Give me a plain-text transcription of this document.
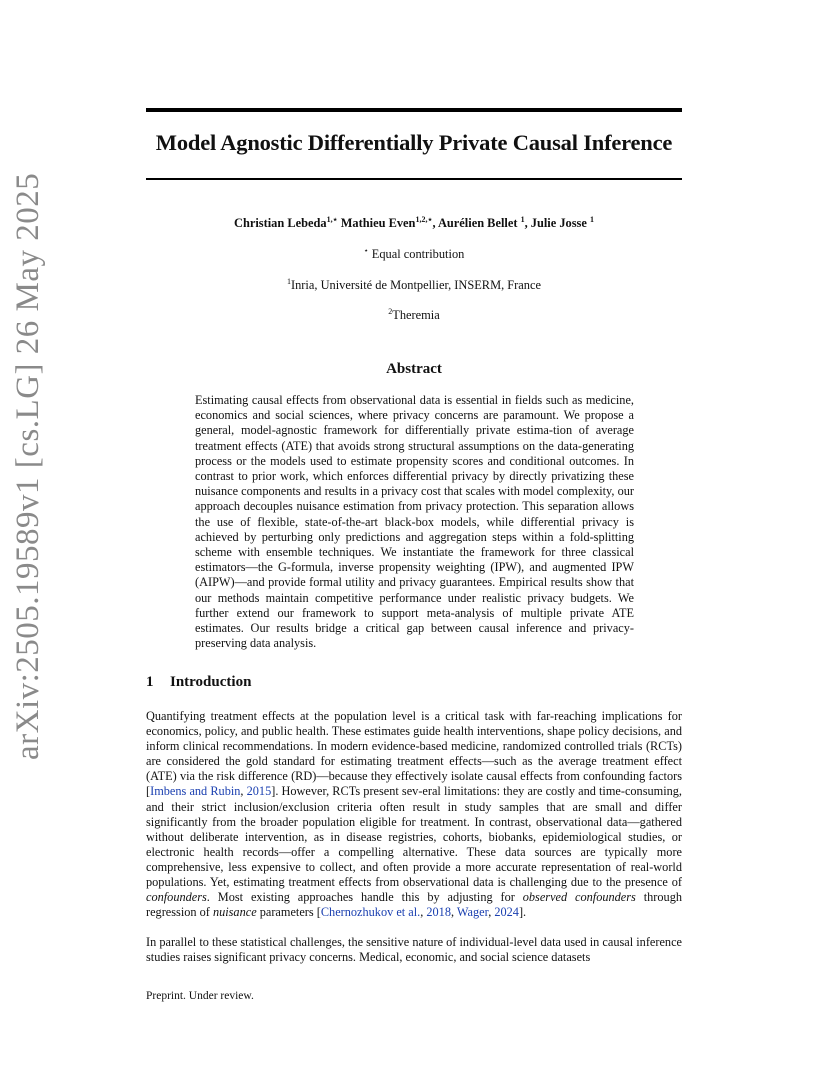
arXiv:2505.19589v1 [cs.LG] 26 May 2025
Model Agnostic Differentially Private Causal Inference
Christian Lebeda$^{1,⋆}$ Mathieu Even$^{1,2,⋆}$, Aurélien Bellet $^1$, Julie Josse $^1$
⋆ Equal contribution
$^1$Inria, Université de Montpellier, INSERM, France
$^2$Theremia
Abstract
Estimating causal effects from observational data is essential in fields such as medicine, economics and social sciences, where privacy concerns are paramount. We propose a general, model-agnostic framework for differentially private estima-tion of average treatment effects (ATE) that avoids strong structural assumptions on the data-generating process or the models used to estimate propensity scores and conditional outcomes. In contrast to prior work, which enforces differential privacy by directly privatizing these nuisance components and results in a privacy cost that scales with model complexity, our approach decouples nuisance estimation from privacy protection. This separation allows the use of flexible, state-of-the-art black-box models, while differential privacy is achieved by perturbing only predictions and aggregation steps within a fold-splitting scheme with ensemble techniques. We instantiate the framework for three classical estimators—the G-formula, inverse propensity weighting (IPW), and augmented IPW (AIPW)—and provide formal utility and privacy guarantees. Empirical results show that our methods maintain competitive performance under realistic privacy budgets. We further extend our framework to support meta-analysis of multiple private ATE estimates. Our results bridge a critical gap between causal inference and privacy-preserving data analysis.
1 Introduction
Quantifying treatment effects at the population level is a critical task with far-reaching implications for economics, policy, and public health. These estimates guide health interventions, shape policy decisions, and inform clinical recommendations. In modern evidence-based medicine, randomized controlled trials (RCTs) are considered the gold standard for estimating treatment effects—such as the average treatment effect (ATE) via the risk difference (RD)—because they effectively isolate causal effects from confounding factors [Imbens and Rubin, 2015]. However, RCTs present sev-eral limitations: they are costly and time-consuming, and their strict inclusion/exclusion criteria often result in study samples that are small and differ significantly from the broader population eligible for treatment. In contrast, observational data—gathered without deliberate intervention, as in disease registries, cohorts, biobanks, epidemiological studies, or electronic health records—offer a compelling alternative. These data sources are typically more comprehensive, less expensive to collect, and often provide a more accurate representation of real-world populations. Yet, estimating treatment effects from observational data is challenging due to the presence of confounders. Most existing approaches handle this by adjusting for observed confounders through regression of nuisance parameters [Chernozhukov et al., 2018, Wager, 2024].
In parallel to these statistical challenges, the sensitive nature of individual-level data used in causal inference studies raises significant privacy concerns. Medical, economic, and social science datasets
Preprint. Under review.
